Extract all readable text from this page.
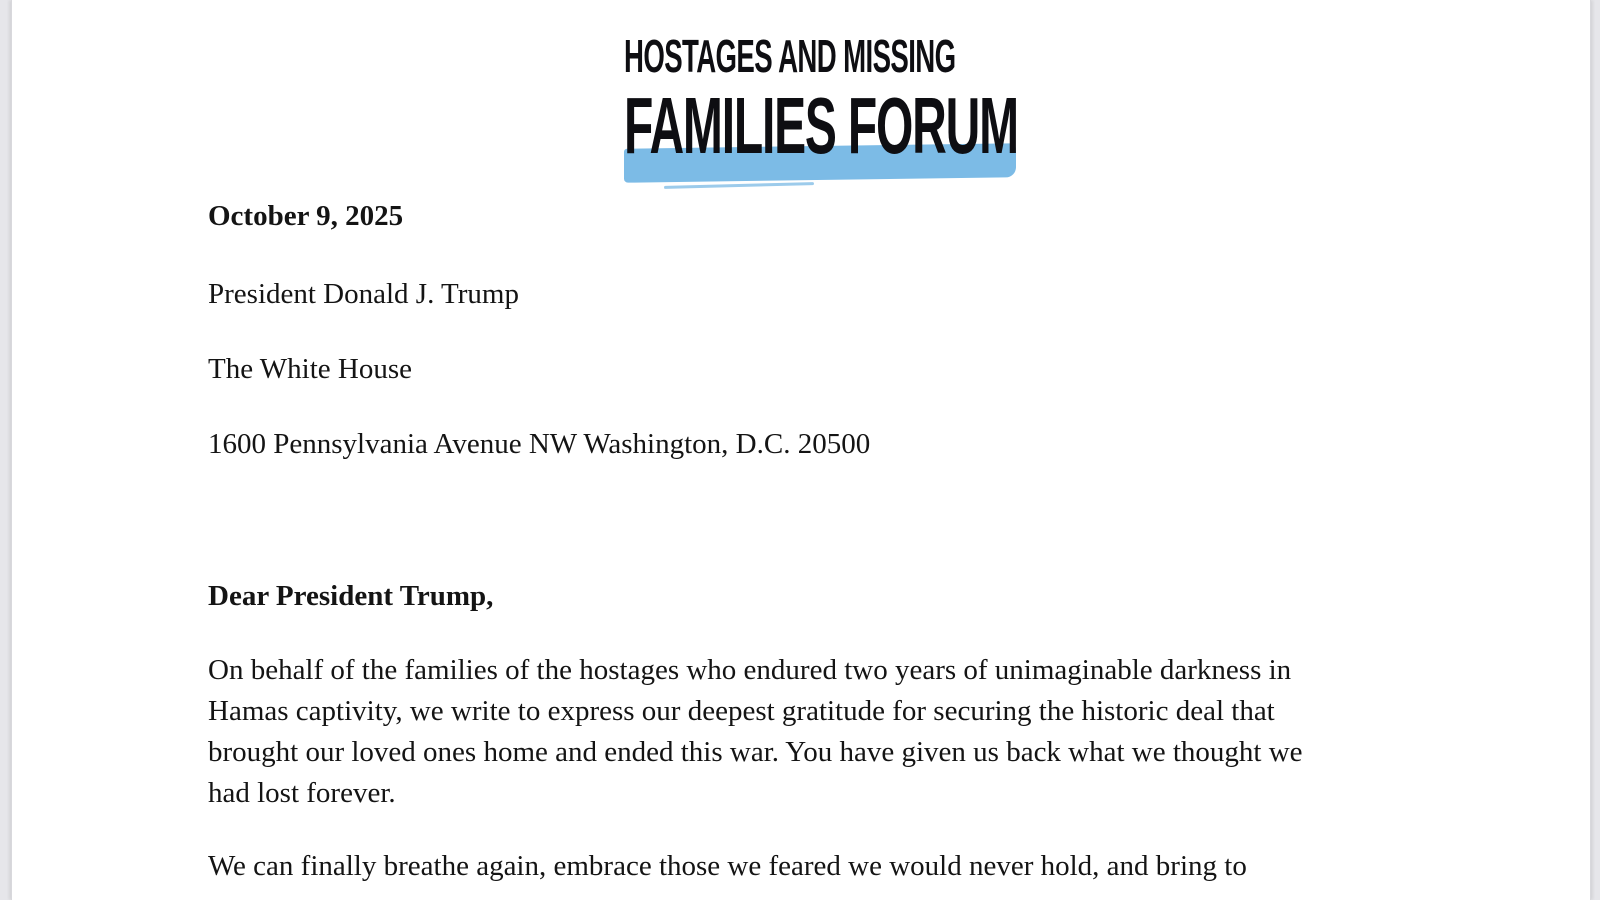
HOSTAGES AND MISSING
FAMILIES FORUM
October 9, 2025
President Donald J. Trump
The White House
1600 Pennsylvania Avenue NW Washington, D.C. 20500
Dear President Trump,
On behalf of the families of the hostages who endured two years of unimaginable darkness in
Hamas captivity, we write to express our deepest gratitude for securing the historic deal that
brought our loved ones home and ended this war. You have given us back what we thought we
had lost forever.
We can finally breathe again, embrace those we feared we would never hold, and bring to
